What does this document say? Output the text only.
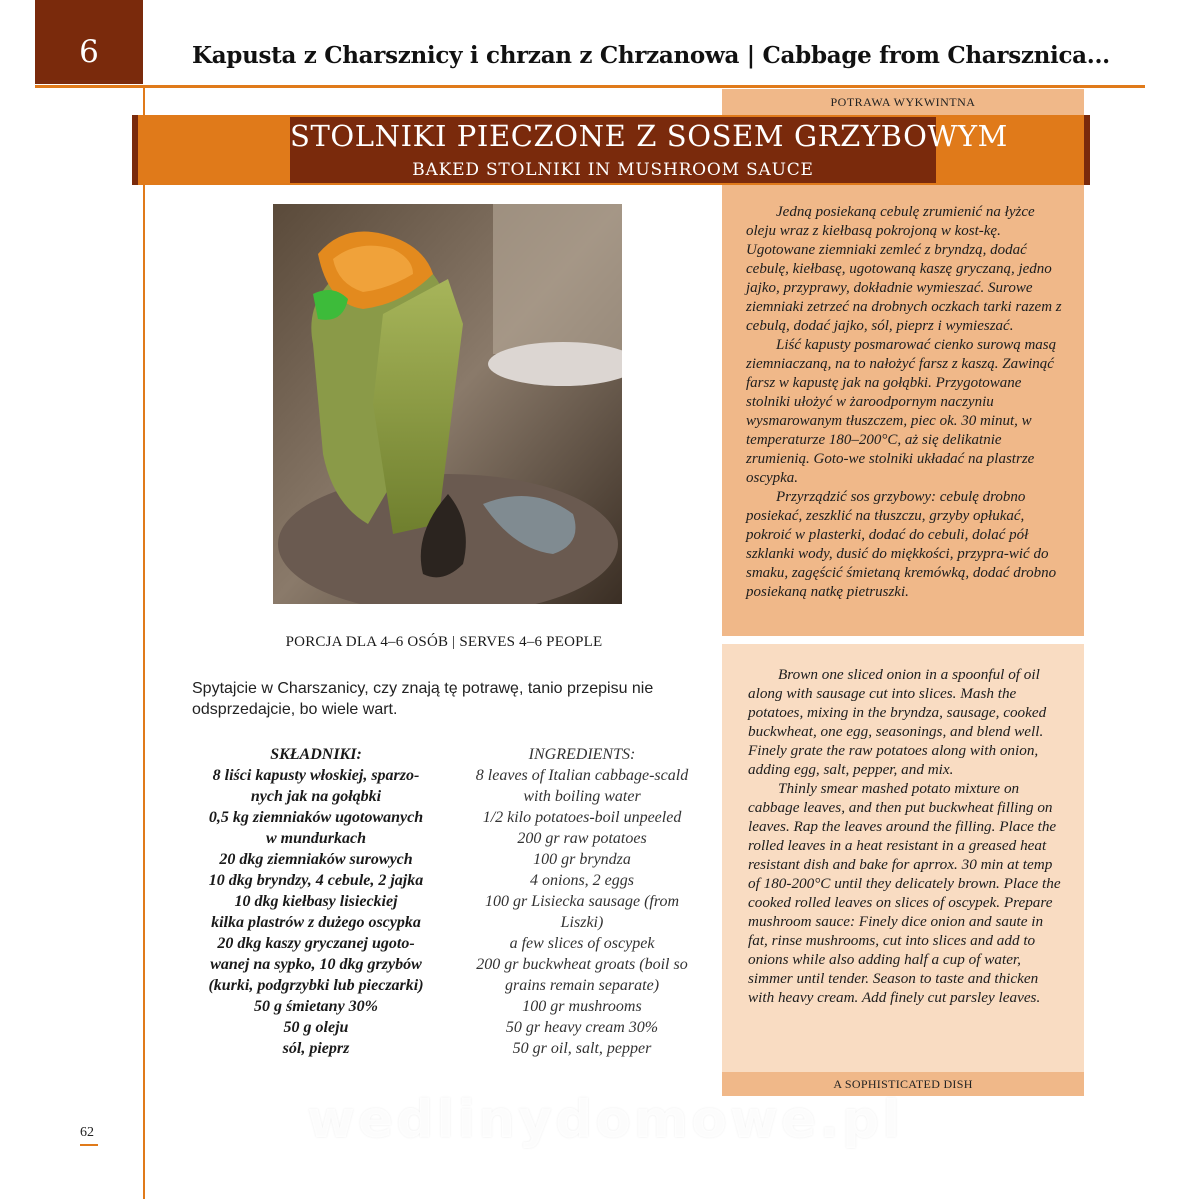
6	Kapusta z Charsznicy i chrzan z Chrzanowa | Cabbage from Charsznica...
POTRAWA WYKWINTNA
A SOPHISTICATED DISH
STOLNIKI PIECZONE Z SOSEM GRZYBOWYM
BAKED STOLNIKI IN MUSHROOM SAUCE
PORCJA DLA 4–6 OSÓB | SERVES 4–6 PEOPLE
Spytajcie w Charszanicy, czy znają tę potrawę, tanio przepisu nie odsprzedajcie, bo wiele wart.
SKŁADNIKI:
8 liści kapusty włoskiej, sparzo-
nych jak na gołąbki
0,5 kg ziemniaków ugotowanych
w mundurkach
20 dkg ziemniaków surowych
10 dkg bryndzy, 4 cebule, 2 jajka
10 dkg kiełbasy lisieckiej
kilka plastrów z dużego oscypka
20 dkg kaszy gryczanej ugoto-
wanej na sypko, 10 dkg grzybów
(kurki, podgrzybki lub pieczarki)
50 g śmietany 30%
50 g oleju
sól, pieprz
INGREDIENTS:
8 leaves of Italian cabbage-scald
with boiling water
1/2 kilo potatoes-boil unpeeled
200 gr raw potatoes
100 gr bryndza
4 onions, 2 eggs
100 gr Lisiecka sausage (from
Liszki)
a few slices of oscypek
200 gr buckwheat groats (boil so
grains remain separate)
100 gr mushrooms
50 gr heavy cream 30%
50 gr oil, salt, pepper

Jedną posiekaną cebulę zrumienić na łyżce oleju wraz z kiełbasą pokrojoną w kost-kę. Ugotowane ziemniaki zemleć z bryndzą, dodać cebulę, kiełbasę, ugotowaną kaszę gryczaną, jedno jajko, przyprawy, dokładnie wymieszać. Surowe ziemniaki zetrzeć na drobnych oczkach tarki razem z cebulą, dodać jajko, sól, pieprz i wymieszać.

Liść kapusty posmarować cienko surową masą ziemniaczaną, na to nałożyć farsz z kaszą. Zawinąć farsz w kapustę jak na gołąbki. Przygotowane stolniki ułożyć w żaroodpornym naczyniu wysmarowanym tłuszczem, piec ok. 30 minut, w temperaturze 180–200°C, aż się delikatnie zrumienią. Goto-we stolniki układać na plastrze oscypka.

Przyrządzić sos grzybowy: cebulę drobno posiekać, zeszklić na tłuszczu, grzyby opłukać, pokroić w plasterki, dodać do cebuli, dolać pół szklanki wody, dusić do miękkości, przypra-wić do smaku, zagęścić śmietaną kremówką, dodać drobno posiekaną natkę pietruszki.

Brown one sliced onion in a spoonful of oil along with sausage cut into slices. Mash the potatoes, mixing in the bryndza, sausage, cooked buckwheat, one egg, seasonings, and blend well. Finely grate the raw potatoes along with onion, adding egg, salt, pepper, and mix.

Thinly smear mashed potato mixture on cabbage leaves, and then put buckwheat filling on leaves. Rap the leaves around the filling. Place the rolled leaves in a heat resistant in a greased heat resistant dish and bake for aprrox. 30 min at temp of 180-200°C until they delicately brown. Place the cooked rolled leaves on slices of oscypek. Prepare mushroom sauce: Finely dice onion and saute in fat, rinse mushrooms, cut into slices and add to onions while also adding half a cup of water, simmer until tender. Season to taste and thicken with heavy cream. Add finely cut parsley leaves.

62	wedlinydomowe.pl
